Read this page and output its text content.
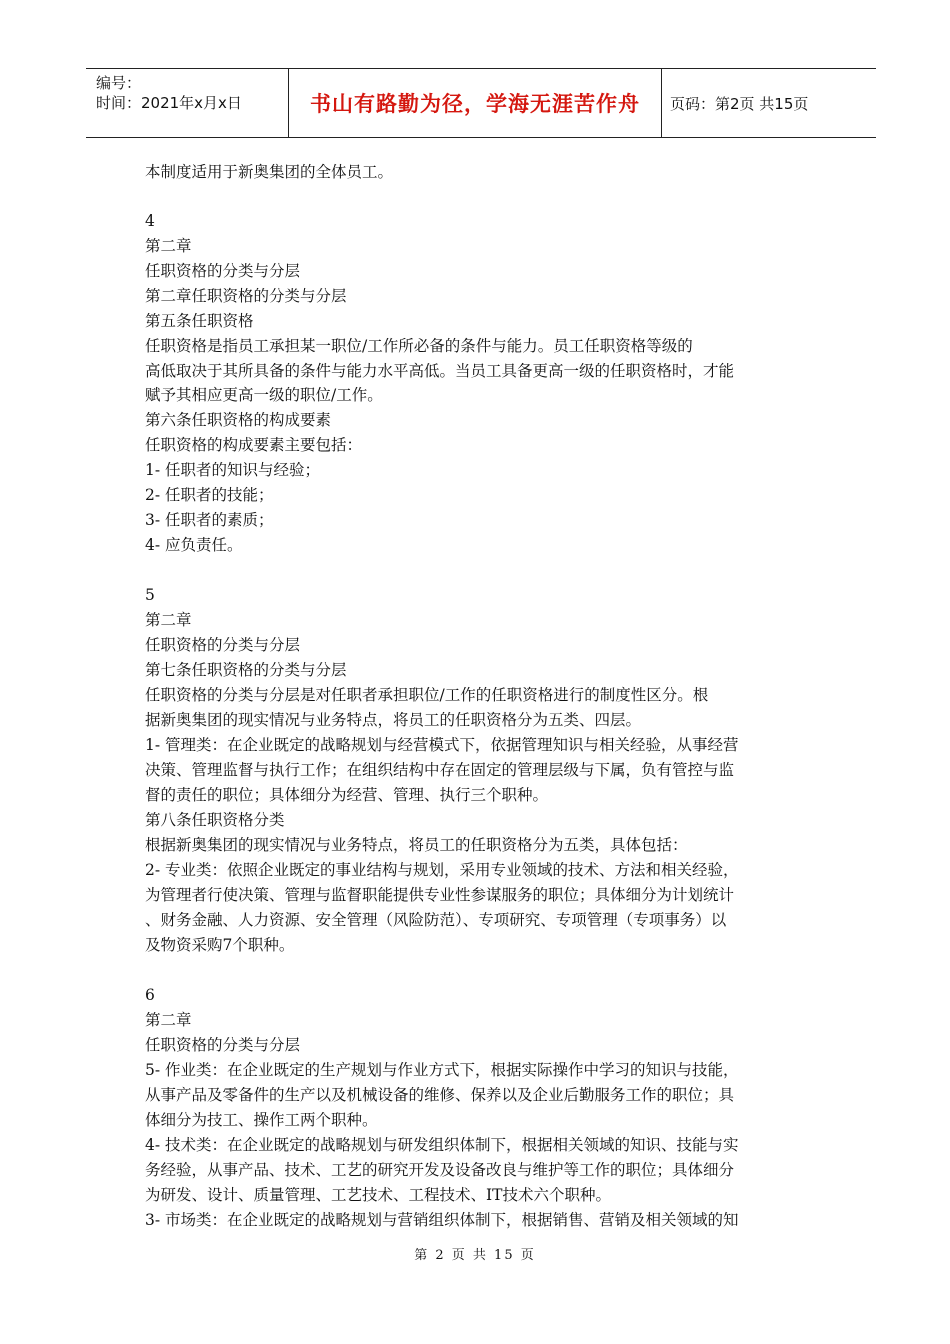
编号：
时间：2021年x月x日	书山有路勤为径，学海无涯苦作舟 页码：第2页 共15页
本制度适用于新奥集团的全体员工。
4
第二章
任职资格的分类与分层
第二章任职资格的分类与分层
第五条任职资格
任职资格是指员工承担某一职位/工作所必备的条件与能力。员工任职资格等级的
高低取决于其所具备的条件与能力水平高低。当员工具备更高一级的任职资格时，才能
赋予其相应更高一级的职位/工作。
第六条任职资格的构成要素
任职资格的构成要素主要包括：
1- 任职者的知识与经验；
2- 任职者的技能；
3- 任职者的素质；
4- 应负责任。
5
第二章
任职资格的分类与分层
第七条任职资格的分类与分层
任职资格的分类与分层是对任职者承担职位/工作的任职资格进行的制度性区分。根
据新奥集团的现实情况与业务特点，将员工的任职资格分为五类、四层。
1- 管理类：在企业既定的战略规划与经营模式下，依据管理知识与相关经验，从事经营
决策、管理监督与执行工作；在组织结构中存在固定的管理层级与下属，负有管控与监
督的责任的职位；具体细分为经营、管理、执行三个职种。
第八条任职资格分类
根据新奥集团的现实情况与业务特点，将员工的任职资格分为五类，具体包括：
2- 专业类：依照企业既定的事业结构与规划，采用专业领域的技术、方法和相关经验，
为管理者行使决策、管理与监督职能提供专业性参谋服务的职位；具体细分为计划统计
、财务金融、人力资源、安全管理（风险防范）、专项研究、专项管理（专项事务）以
及物资采购7个职种。
6
第二章
任职资格的分类与分层
5- 作业类：在企业既定的生产规划与作业方式下，根据实际操作中学习的知识与技能，
从事产品及零备件的生产以及机械设备的维修、保养以及企业后勤服务工作的职位；具
体细分为技工、操作工两个职种。
4- 技术类：在企业既定的战略规划与研发组织体制下，根据相关领域的知识、技能与实
务经验，从事产品、技术、工艺的研究开发及设备改良与维护等工作的职位；具体细分
为研发、设计、质量管理、工艺技术、工程技术、IT技术六个职种。
3- 市场类：在企业既定的战略规划与营销组织体制下，根据销售、营销及相关领域的知
第 2 页 共 15 页
